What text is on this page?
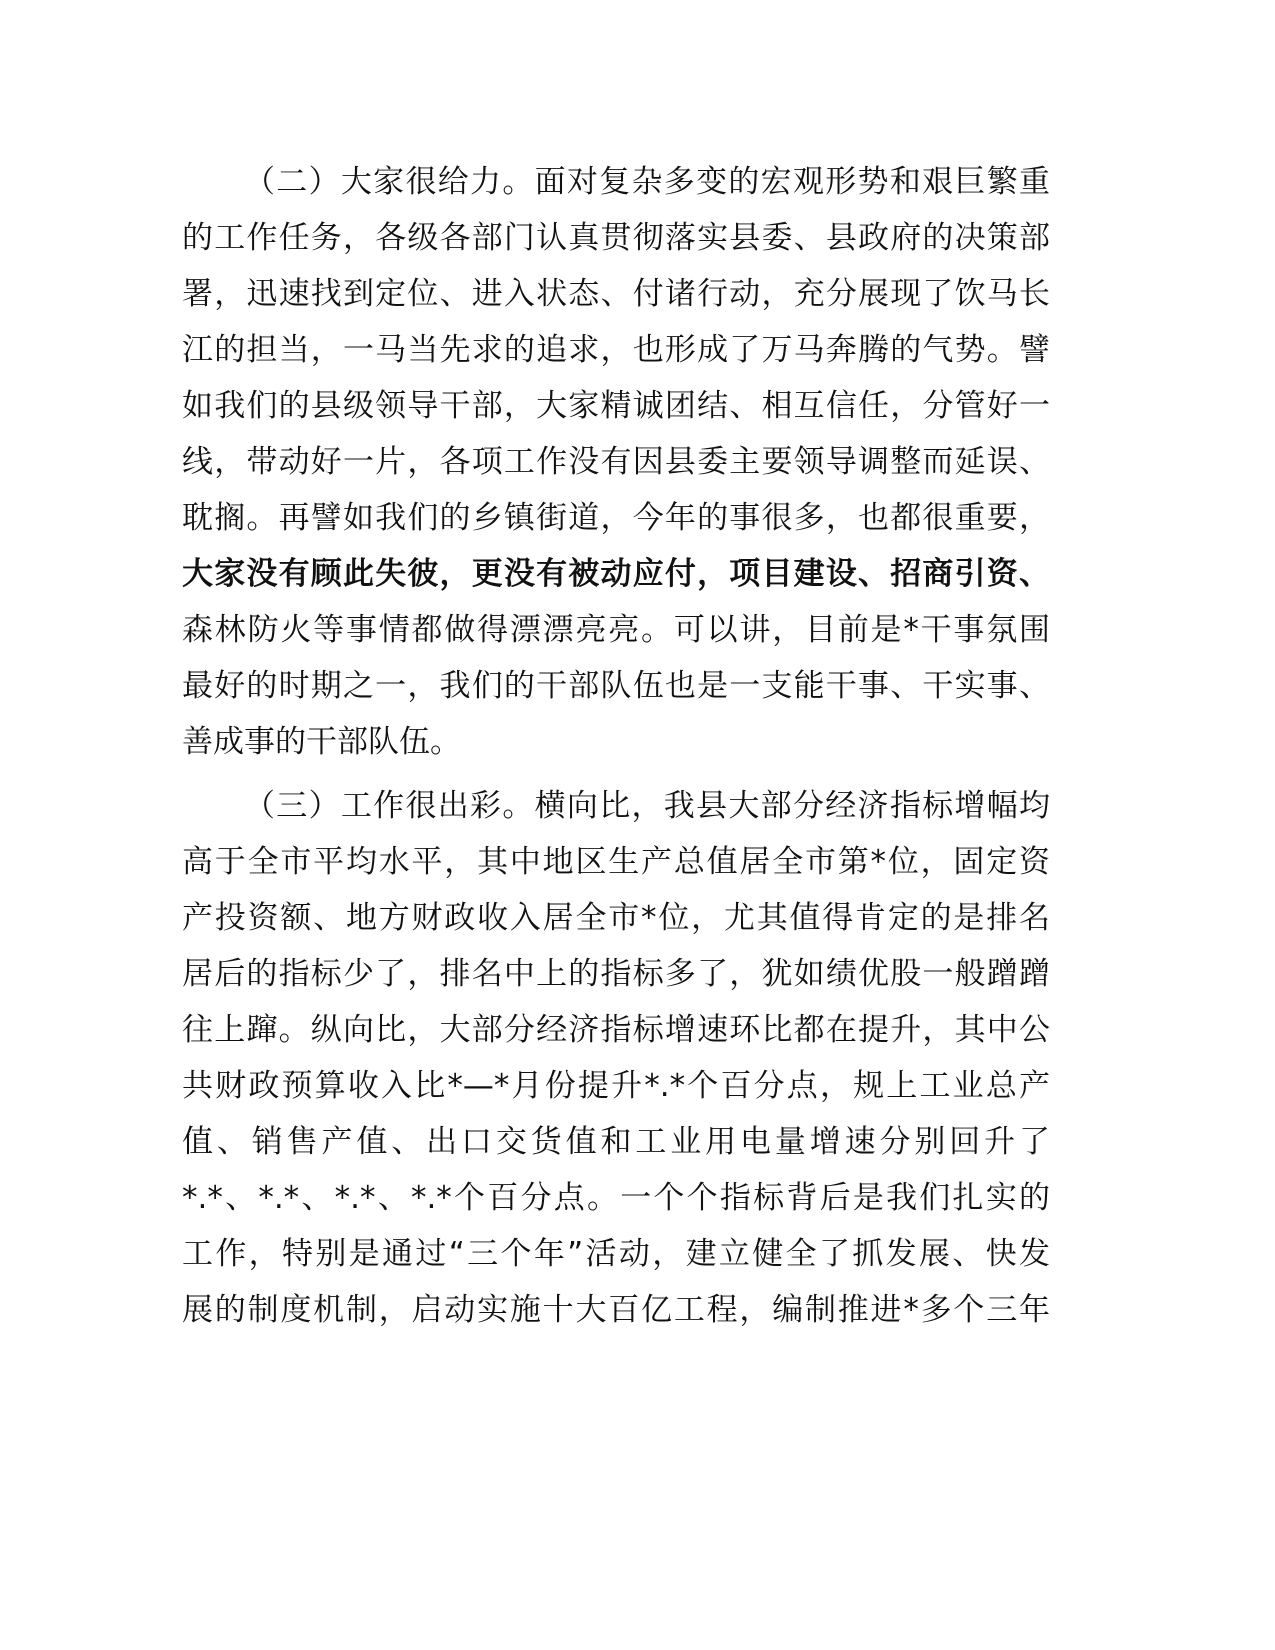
（二）大家很给力。面对复杂多变的宏观形势和艰巨繁重
的工作任务，各级各部门认真贯彻落实县委、县政府的决策部
署，迅速找到定位、进入状态、付诸行动，充分展现了饮马长
江的担当，一马当先求的追求，也形成了万马奔腾的气势。譬
如我们的县级领导干部，大家精诚团结、相互信任，分管好一
线，带动好一片，各项工作没有因县委主要领导调整而延误、
耽搁。再譬如我们的乡镇街道，今年的事很多，也都很重要，
大家没有顾此失彼，更没有被动应付，项目建设、招商引资、
森林防火等事情都做得漂漂亮亮。可以讲，目前是*干事氛围
最好的时期之一，我们的干部队伍也是一支能干事、干实事、
善成事的干部队伍。
（三）工作很出彩。横向比，我县大部分经济指标增幅均
高于全市平均水平，其中地区生产总值居全市第*位，固定资
产投资额、地方财政收入居全市*位，尤其值得肯定的是排名
居后的指标少了，排名中上的指标多了，犹如绩优股一般蹭蹭
往上蹿。纵向比，大部分经济指标增速环比都在提升，其中公
共财政预算收入比*—*月份提升*.*个百分点，规上工业总产
值、销售产值、出口交货值和工业用电量增速分别回升了
*.*、*.*、*.*、*.*个百分点。一个个指标背后是我们扎实的
工作，特别是通过“三个年”活动，建立健全了抓发展、快发
展的制度机制，启动实施十大百亿工程，编制推进*多个三年
